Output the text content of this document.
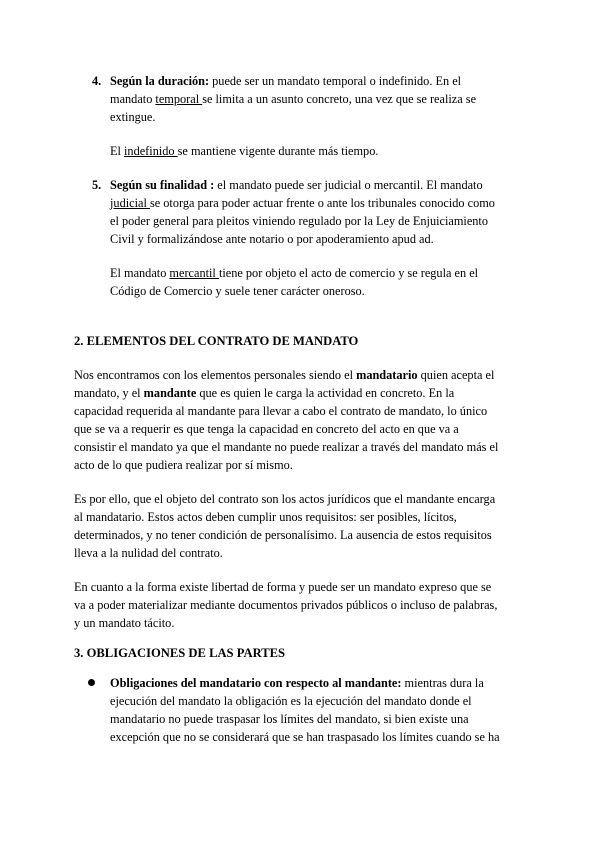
4. Según la duración: puede ser un mandato temporal o indefinido. En el

mandato temporal se limita a un asunto concreto, una vez que se realiza se

extingue.

El indefinido se mantiene vigente durante más tiempo.

5. Según su finalidad : el mandato puede ser judicial o mercantil. El mandato

judicial se otorga para poder actuar frente o ante los tribunales conocido como

el poder general para pleitos viniendo regulado por la Ley de Enjuiciamiento

Civil y formalizándose ante notario o por apoderamiento apud ad.

El mandato mercantil tiene por objeto el acto de comercio y se regula en el

Código de Comercio y suele tener carácter oneroso.

2. ELEMENTOS DEL CONTRATO DE MANDATO

Nos encontramos con los elementos personales siendo el mandatario quien acepta el

mandato, y el mandante que es quien le carga la actividad en concreto. En la

capacidad requerida al mandante para llevar a cabo el contrato de mandato, lo único

que se va a requerir es que tenga la capacidad en concreto del acto en que va a

consistir el mandato ya que el mandante no puede realizar a través del mandato más el

acto de lo que pudiera realizar por sí mismo.

Es por ello, que el objeto del contrato son los actos jurídicos que el mandante encarga

al mandatario. Estos actos deben cumplir unos requisitos: ser posibles, lícitos,

determinados, y no tener condición de personalísimo. La ausencia de estos requisitos

lleva a la nulidad del contrato.

En cuanto a la forma existe libertad de forma y puede ser un mandato expreso que se

va a poder materializar mediante documentos privados públicos o incluso de palabras,

y un mandato tácito.

3. OBLIGACIONES DE LAS PARTES

Obligaciones del mandatario con respecto al mandante: mientras dura la

ejecución del mandato la obligación es la ejecución del mandato donde el

mandatario no puede traspasar los límites del mandato, si bien existe una

excepción que no se considerará que se han traspasado los límites cuando se ha
